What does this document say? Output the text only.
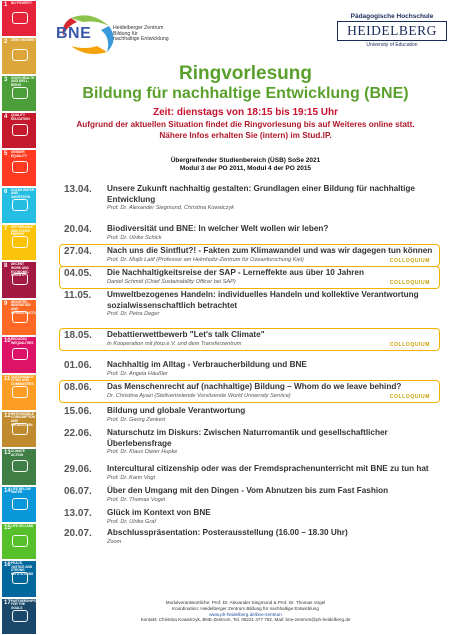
1 NO POVERTY
2 ZERO HUNGER
3 GOOD HEALTH AND WELL-BEING
4 QUALITY EDUCATION
5 GENDER EQUALITY
6 CLEAN WATER AND SANITATION
7 AFFORDABLE AND CLEAN ENERGY
8 DECENT WORK AND ECONOMIC GROWTH
9 INDUSTRY, INNOVATION AND INFRASTRUCTURE
10 REDUCED INEQUALITIES
11 SUSTAINABLE CITIES AND COMMUNITIES
12 RESPONSIBLE CONSUMPTION AND PRODUCTION
13 CLIMATE ACTION
14 LIFE BELOW WATER
15 LIFE ON LAND
16 PEACE, JUSTICE AND STRONG INSTITUTIONS
17 PARTNERSHIPS FOR THE GOALS
BNE	Heidelberger Zentrum
Bildung für
nachhaltige Entwicklung
Pädagogische Hochschule
HEIDELBERG
University of Education
Ringvorlesung
Bildung für nachhaltige Entwicklung (BNE)
Zeit: dienstags von 18:15 bis 19:15 Uhr
Aufgrund der aktuellen Situation findet die Ringvorlesung bis auf Weiteres online statt.
Nähere Infos erhalten Sie (intern) im Stud.IP.
Übergreifender Studienbereich (ÜSB) SoSe 2021
Modul 3 der PO 2011, Modul 4 der PO 2015
13.04. Unsere Zukunft nachhaltig gestalten: Grundlagen einer Bildung für nachhaltige Entwicklung
Prof. Dr. Alexander Siegmund, Christina Kowalczyk
20.04. Biodiversität und BNE: In welcher Welt wollen wir leben?
Prof. Dr. Ulrike Schick
COLLOQUIUM
27.04. Nach uns die Sintflut?! - Fakten zum Klimawandel und was wir dagegen tun können
Prof. Dr. Mojib Latif (Professor am Helmholtz-Zentrum für Ozeanforschung Kiel)
COLLOQUIUM
04.05. Die Nachhaltigkeitsreise der SAP - Lerneffekte aus über 10 Jahren
Daniel Schmid (Chief Sustainability Officer bei SAP)
11.05. Umweltbezogenes Handeln: individuelles Handeln und kollektive Verantwortung sozialwissenschaftlich betrachtet
Prof. Dr. Petra Deger
COLLOQUIUM
18.05. Debattierwettbewerb "Let's talk Climate"
In Kooperation mit jforp.e.V. und dem Transferzentrum
01.06. Nachhaltig im Alltag - Verbraucherbildung und BNE
Prof. Dr. Angela Häußler
COLLOQUIUM
08.06. Das Menschenrecht auf (nachhaltige) Bildung – Whom do we leave behind?
Dr. Christina Ayazi (Stellvertretende Vorsitzende World University Service)
15.06. Bildung und globale Verantwortung
Prof. Dr. Georg Zenkert
22.06. Naturschutz im Diskurs: Zwischen Naturromantik und gesellschaftlicher Überlebensfrage
Prof. Dr. Klaus Dieter Hupke
29.06. Intercultural citizenship oder was der Fremdsprachenunterricht mit BNE zu tun hat
Prof. Dr. Karin Vogt
06.07. Über den Umgang mit den Dingen - Vom Abnutzen bis zum Fast Fashion
Prof. Dr. Thomas Vogel
13.07. Glück im Kontext von BNE
Prof. Dr. Ulrike Graf
20.07. Abschlusspräsentation: Posterausstellung (16.00 – 18.30 Uhr)
Zoom
Modulverantwortliche: Prof. Dr. Alexander Siegmund & Prof. Dr. Thomas Vogel
Koordination: Heidelberger Zentrum Bildung für nachhaltige Entwicklung
www.ph-heidelberg.de/bne-zentrum
Kontakt: Christina Kowalczyk, BNE-Zentrum, Tel. 06221 477 782, Mail: bne-zentrum@ph-heidelberg.de
